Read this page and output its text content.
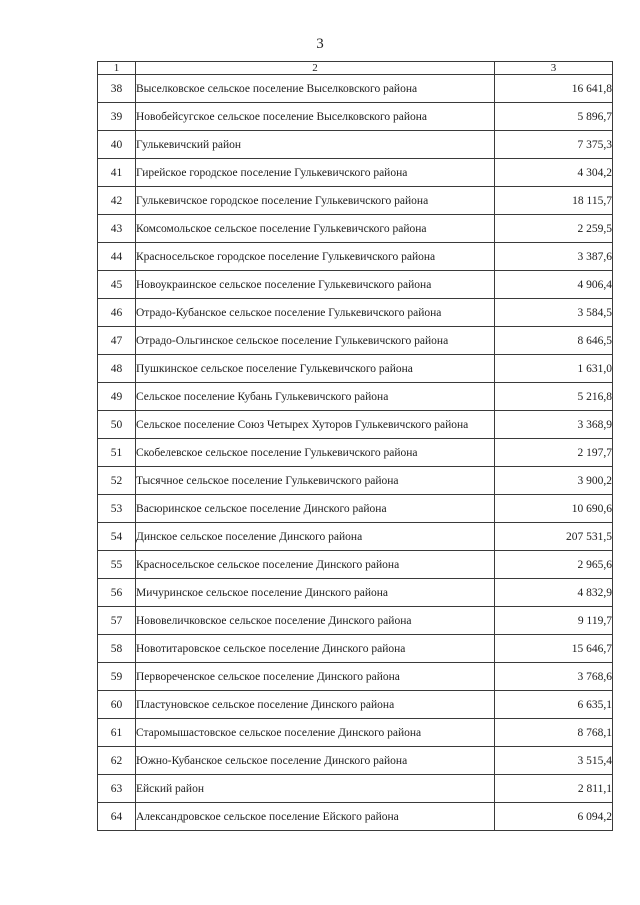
3
1	2	3
38	Выселковское сельское поселение Выселковского района	16 641,8
39	Новобейсугское сельское поселение Выселковского района	5 896,7
40	Гулькевичский район	7 375,3
41	Гирейское городское поселение Гулькевичского района	4 304,2
42	Гулькевичское городское поселение Гулькевичского района	18 115,7
43	Комсомольское сельское поселение Гулькевичского района	2 259,5
44	Красносельское городское поселение Гулькевичского района	3 387,6
45	Новоукраинское сельское поселение Гулькевичского района	4 906,4
46	Отрадо-Кубанское сельское поселение Гулькевичского района	3 584,5
47	Отрадо-Ольгинское сельское поселение Гулькевичского района	8 646,5
48	Пушкинское сельское поселение Гулькевичского района	1 631,0
49	Сельское поселение Кубань Гулькевичского района	5 216,8
50	Сельское поселение Союз Четырех Хуторов Гулькевичского района	3 368,9
51	Скобелевское сельское поселение Гулькевичского района	2 197,7
52	Тысячное сельское поселение Гулькевичского района	3 900,2
53	Васюринское сельское поселение Динского района	10 690,6
54	Динское сельское поселение Динского района	207 531,5
55	Красносельское сельское поселение Динского района	2 965,6
56	Мичуринское сельское поселение Динского района	4 832,9
57	Нововеличковское сельское поселение Динского района	9 119,7
58	Новотитаровское сельское поселение Динского района	15 646,7
59	Первореченское сельское поселение Динского района	3 768,6
60	Пластуновское сельское поселение Динского района	6 635,1
61	Старомышастовское сельское поселение Динского района	8 768,1
62	Южно-Кубанское сельское поселение Динского района	3 515,4
63	Ейский район	2 811,1
64	Александровское сельское поселение Ейского района	6 094,2
